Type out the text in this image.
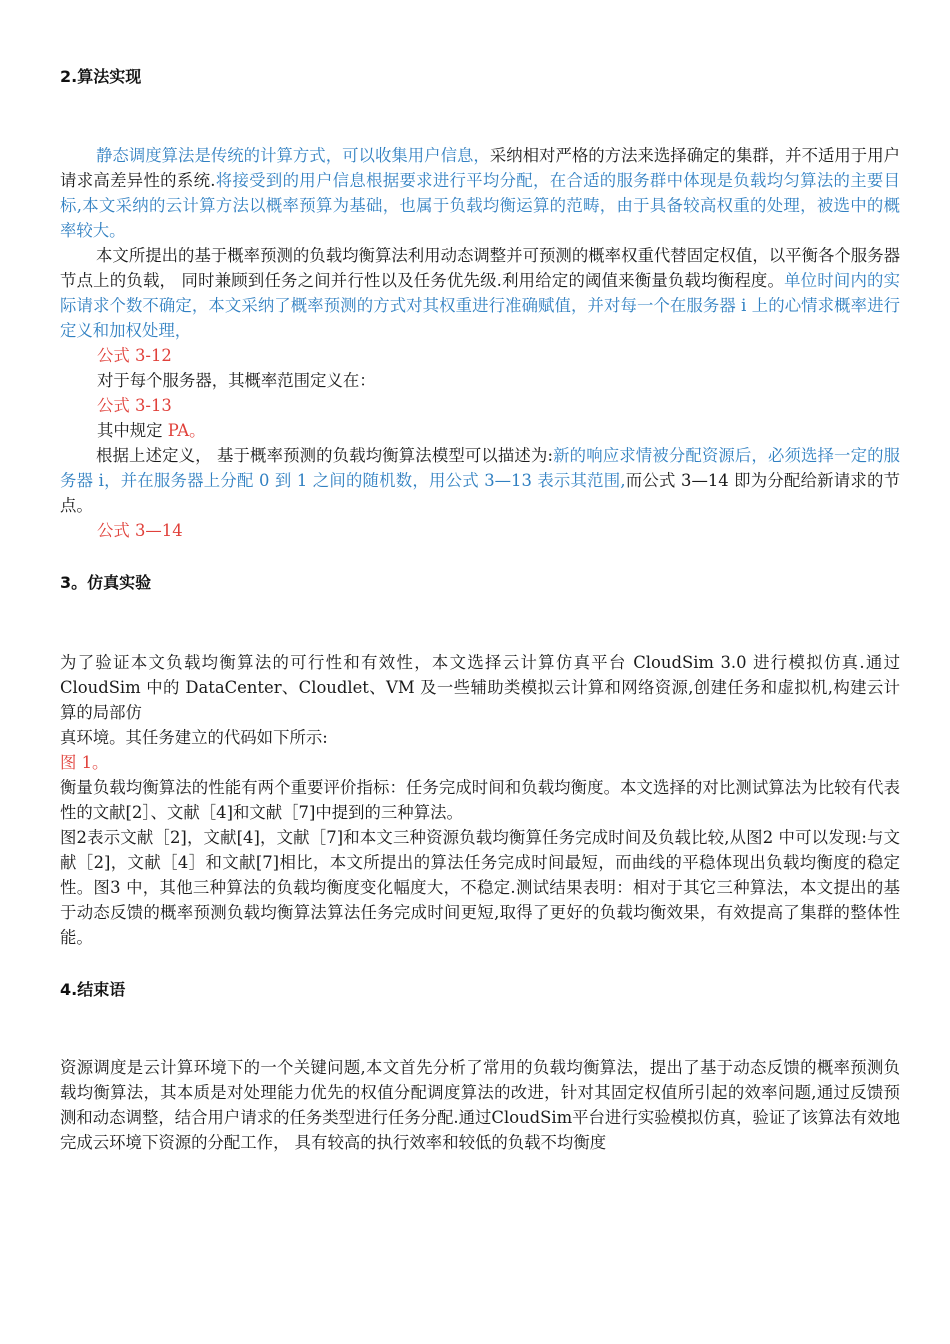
2.算法实现

静态调度算法是传统的计算方式，可以收集用户信息，采纳相对严格的方法来选择确定的集群，并不适用于用户请求高差异性的系统.将接受到的用户信息根据要求进行平均分配，在合适的服务群中体现是负载均匀算法的主要目标,本文采纳的云计算方法以概率预算为基础，也属于负载均衡运算的范畴，由于具备较高权重的处理，被选中的概率较大。

本文所提出的基于概率预测的负载均衡算法利用动态调整并可预测的概率权重代替固定权值，以平衡各个服务器节点上的负载， 同时兼顾到任务之间并行性以及任务优先级.利用给定的阈值来衡量负载均衡程度。单位时间内的实际请求个数不确定，本文采纳了概率预测的方式对其权重进行准确赋值，并对每一个在服务器 i 上的心情求概率进行定义和加权处理，

公式 3-12
对于每个服务器，其概率范围定义在：
公式 3-13
其中规定 PA。

根据上述定义， 基于概率预测的负载均衡算法模型可以描述为:新的响应求情被分配资源后，必须选择一定的服务器 i，并在服务器上分配 0 到 1 之间的随机数，用公式 3—13 表示其范围,而公式 3—14 即为分配给新请求的节点。

公式 3—14
3。仿真实验

为了验证本文负载均衡算法的可行性和有效性，本文选择云计算仿真平台 CloudSim 3.0 进行模拟仿真.通过 CloudSim 中的 DataCenter、Cloudlet、VM 及一些辅助类模拟云计算和网络资源,创建任务和虚拟机,构建云计算的局部仿

真环境。其任务建立的代码如下所示:
图 1。

衡量负载均衡算法的性能有两个重要评价指标：任务完成时间和负载均衡度。本文选择的对比测试算法为比较有代表性的文献[2］、文献［4]和文献［7]中提到的三种算法。

图2表示文献［2]，文献[4]，文献［7]和本文三种资源负载均衡算任务完成时间及负载比较,从图2 中可以发现:与文献［2]，文献［4］和文献[7]相比，本文所提出的算法任务完成时间最短，而曲线的平稳体现出负载均衡度的稳定性。图3 中，其他三种算法的负载均衡度变化幅度大，不稳定.测试结果表明：相对于其它三种算法，本文提出的基于动态反馈的概率预测负载均衡算法算法任务完成时间更短,取得了更好的负载均衡效果，有效提高了集群的整体性能。

4.结束语

资源调度是云计算环境下的一个关键问题,本文首先分析了常用的负载均衡算法，提出了基于动态反馈的概率预测负载均衡算法，其本质是对处理能力优先的权值分配调度算法的改进，针对其固定权值所引起的效率问题,通过反馈预测和动态调整，结合用户请求的任务类型进行任务分配.通过CloudSim平台进行实验模拟仿真，验证了该算法有效地完成云环境下资源的分配工作， 具有较高的执行效率和较低的负载不均衡度
